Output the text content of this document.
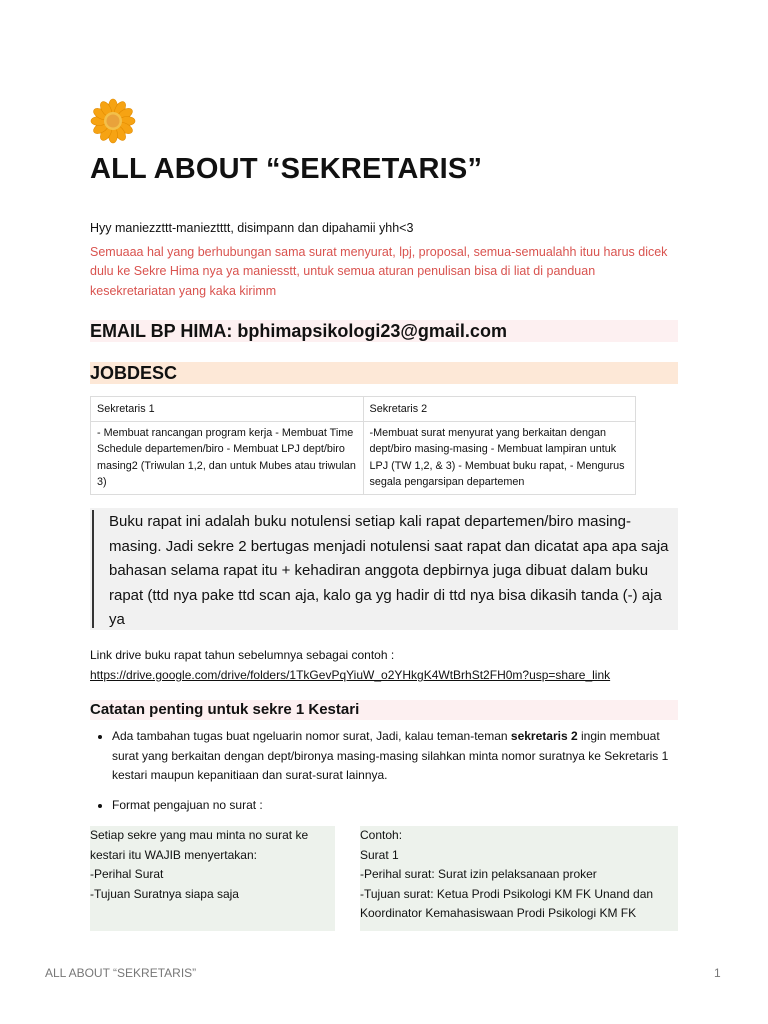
ALL ABOUT “SEKRETARIS”

Hyy maniezzttt-manieztttt, disimpann dan dipahamii yhh<3

Semuaaa hal yang berhubungan sama surat menyurat, lpj, proposal, semua-semualahh ituu harus dicek dulu ke Sekre Hima nya ya maniesstt, untuk semua aturan penulisan bisa di liat di panduan kesekretariatan yang kaka kirimm

EMAIL BP HIMA: bphimapsikologi23@gmail.com
JOBDESC
Sekretaris 1	Sekretaris 2
- Membuat rancangan program kerja - Membuat Time Schedule departemen/biro - Membuat LPJ dept/biro masing2 (Triwulan 1,2, dan untuk Mubes atau triwulan 3)	-Membuat surat menyurat yang berkaitan dengan dept/biro masing-masing - Membuat lampiran untuk LPJ (TW 1,2, & 3) - Membuat buku rapat, - Mengurus segala pengarsipan departemen
Buku rapat ini adalah buku notulensi setiap kali rapat departemen/biro masing-masing. Jadi sekre 2 bertugas menjadi notulensi saat rapat dan dicatat apa apa saja bahasan selama rapat itu + kehadiran anggota depbirnya juga dibuat dalam buku rapat (ttd nya pake ttd scan aja, kalo ga yg hadir di ttd nya bisa dikasih tanda (-) aja ya
Link drive buku rapat tahun sebelumnya sebagai contoh :
https://drive.google.com/drive/folders/1TkGevPqYiuW_o2YHkgK4WtBrhSt2FH0m?usp=share_link
Catatan penting untuk sekre 1 Kestari
• Ada tambahan tugas buat ngeluarin nomor surat, Jadi, kalau teman-teman sekretaris 2 ingin membuat surat yang berkaitan dengan dept/bironya masing-masing silahkan minta nomor suratnya ke Sekretaris 1 kestari maupun kepanitiaan dan surat-surat lainnya.
• Format pengajuan no surat :
Setiap sekre yang mau minta no surat ke
kestari itu WAJIB menyertakan:
-Perihal Surat
-Tujuan Suratnya siapa saja
Contoh:
Surat 1
-Perihal surat: Surat izin pelaksanaan proker
-Tujuan surat: Ketua Prodi Psikologi KM FK Unand dan Koordinator Kemahasiswaan Prodi Psikologi KM FK
ALL ABOUT “SEKRETARIS”	1
